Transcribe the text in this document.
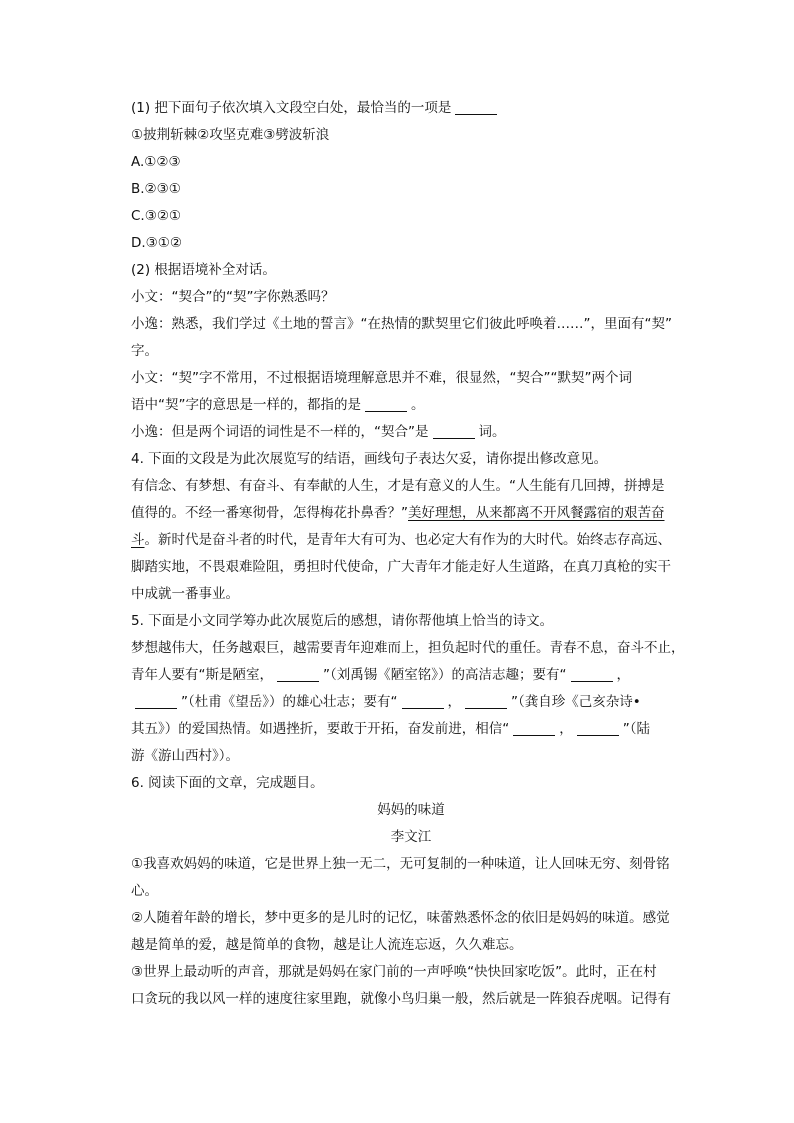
(1) 把下面句子依次填入文段空白处，最恰当的一项是
①披荆斩棘②攻坚克难③劈波斩浪
A.①②③
B.②③①
C.③②①
D.③①②
(2) 根据语境补全对话。
小文：“契合”的“契”字你熟悉吗？
小逸：熟悉，我们学过《土地的誓言》“在热情的默契里它们彼此呼唤着……”，里面有“契”
字。
小文：“契”字不常用，不过根据语境理解意思并不难，很显然，“契合”“默契”两个词
语中“契”字的意思是一样的，都指的是	。
小逸：但是两个词语的词性是不一样的，“契合”是	词。
4. 下面的文段是为此次展览写的结语，画线句子表达欠妥，请你提出修改意见。
有信念、有梦想、有奋斗、有奉献的人生，才是有意义的人生。“人生能有几回搏，拼搏是
值得的。不经一番寒彻骨，怎得梅花扑鼻香？”美好理想，从来都离不开风餐露宿的艰苦奋
斗。新时代是奋斗者的时代，是青年大有可为、也必定大有作为的大时代。始终志存高远、
脚踏实地，不畏艰难险阻，勇担时代使命，广大青年才能走好人生道路，在真刀真枪的实干
中成就一番事业。
5. 下面是小文同学筹办此次展览后的感想，请你帮他填上恰当的诗文。
梦想越伟大，任务越艰巨，越需要青年迎难而上，担负起时代的重任。青春不息，奋斗不止，
青年人要有“斯是陋室，	”（刘禹锡《陋室铭》）的高洁志趣；要有“	，
”（杜甫《望岳》）的雄心壮志；要有“	，	”（龚自珍《己亥杂诗•
其五》）的爱国热情。如遇挫折，要敢于开拓，奋发前进，相信“	，	”（陆
游《游山西村》）。
6. 阅读下面的文章，完成题目。
妈妈的味道
李文江
①我喜欢妈妈的味道，它是世界上独一无二，无可复制的一种味道，让人回味无穷、刻骨铭
心。
②人随着年龄的增长，梦中更多的是儿时的记忆，味蕾熟悉怀念的依旧是妈妈的味道。感觉
越是简单的爱，越是简单的食物，越是让人流连忘返，久久难忘。
③世界上最动听的声音，那就是妈妈在家门前的一声呼唤“快快回家吃饭”。此时，正在村
口贪玩的我以风一样的速度往家里跑，就像小鸟归巢一般，然后就是一阵狼吞虎咽。记得有
